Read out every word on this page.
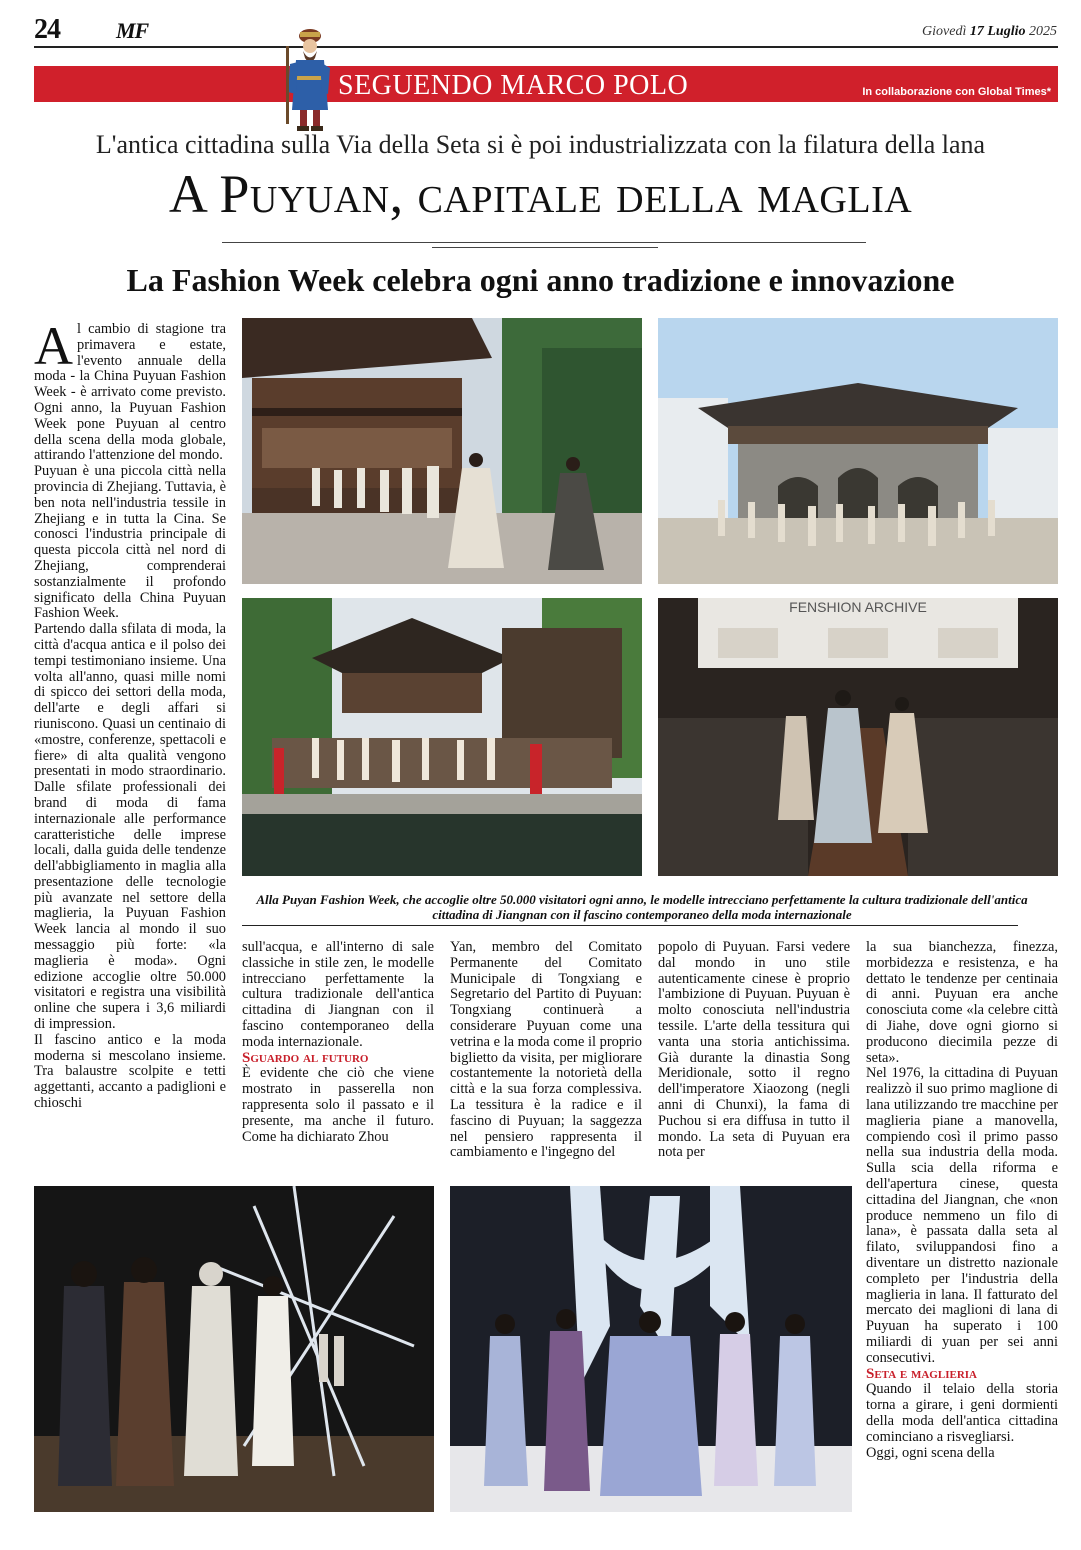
24	MF	Giovedì 17 Luglio 2025
SEGUENDO MARCO POLO	In collaborazione con Global Times*
L'antica cittadina sulla Via della Seta si è poi industrializzata con la filatura della lana
A Puyuan, capitale della maglia
La Fashion Week celebra ogni anno tradizione e innovazione
FENSHION ARCHIVE
Alla Puyan Fashion Week, che accoglie oltre 50.000 visitatori ogni anno, le modelle intrecciano perfettamente la cultura tradizionale dell'antica cittadina di Jiangnan con il fascino contemporaneo della moda internazionale

Al cambio di stagione tra primavera e estate, l'evento annuale della moda - la China Puyuan Fashion Week - è arrivato come previsto. Ogni anno, la Puyuan Fashion Week pone Puyuan al centro della scena della moda globale, attirando l'attenzione del mondo.

Puyuan è una piccola città nella provincia di Zhejiang. Tuttavia, è ben nota nell'industria tessile in Zhejiang e in tutta la Cina. Se conosci l'industria principale di questa piccola città nel nord di Zhejiang, comprenderai sostanzialmente il profondo significato della China Puyuan Fashion Week.

Partendo dalla sfilata di moda, la città d'acqua antica e il polso dei tempi testimoniano insieme. Una volta all'anno, quasi mille nomi di spicco dei settori della moda, dell'arte e degli affari si riuniscono. Quasi un centinaio di «mostre, conferenze, spettacoli e fiere» di alta qualità vengono presentati in modo straordinario. Dalle sfilate professionali dei brand di moda di fama internazionale alle performance caratteristiche delle imprese locali, dalla guida delle tendenze dell'abbigliamento in maglia alla presentazione delle tecnologie più avanzate nel settore della maglieria, la Puyuan Fashion Week lancia al mondo il suo messaggio più forte: «la maglieria è moda». Ogni edizione accoglie oltre 50.000 visitatori e registra una visibilità online che supera i 3,6 miliardi di impression.

Il fascino antico e la moda moderna si mescolano insieme. Tra balaustre scolpite e tetti aggettanti, accanto a padiglioni e chioschi

sull'acqua, e all'interno di sale classiche in stile zen, le modelle intrecciano perfettamente la cultura tradizionale dell'antica cittadina di Jiangnan con il fascino contemporaneo della moda internazionale.

Sguardo al futuro

È evidente che ciò che viene mostrato in passerella non rappresenta solo il passato e il presente, ma anche il futuro. Come ha dichiarato Zhou

Yan, membro del Comitato Permanente del Comitato Municipale di Tongxiang e Segretario del Partito di Puyuan: Tongxiang continuerà a considerare Puyuan come una vetrina e la moda come il proprio biglietto da visita, per migliorare costantemente la notorietà della città e la sua forza complessiva. La tessitura è la radice e il fascino di Puyuan; la saggezza nel pensiero rappresenta il cambiamento e l'ingegno del

popolo di Puyuan. Farsi vedere dal mondo in uno stile autenticamente cinese è proprio l'ambizione di Puyuan. Puyuan è molto conosciuta nell'industria tessile. L'arte della tessitura qui vanta una storia antichissima. Già durante la dinastia Song Meridionale, sotto il regno dell'imperatore Xiaozong (negli anni di Chunxi), la fama di Puchou si era diffusa in tutto il mondo. La seta di Puyuan era nota per

la sua bianchezza, finezza, morbidezza e resistenza, e ha dettato le tendenze per centinaia di anni. Puyuan era anche conosciuta come «la celebre città di Jiahe, dove ogni giorno si producono diecimila pezze di seta».

Nel 1976, la cittadina di Puyuan realizzò il suo primo maglione di lana utilizzando tre macchine per maglieria piane a manovella, compiendo così il primo passo nella sua industria della moda. Sulla scia della riforma e dell'apertura cinese, questa cittadina del Jiangnan, che «non produce nemmeno un filo di lana», è passata dalla seta al filato, sviluppandosi fino a diventare un distretto nazionale completo per l'industria della maglieria in lana. Il fatturato del mercato dei maglioni di lana di Puyuan ha superato i 100 miliardi di yuan per sei anni consecutivi.

Seta e maglieria

Quando il telaio della storia torna a girare, i geni dormienti della moda dell'antica cittadina cominciano a risvegliarsi.

Oggi, ogni scena della
